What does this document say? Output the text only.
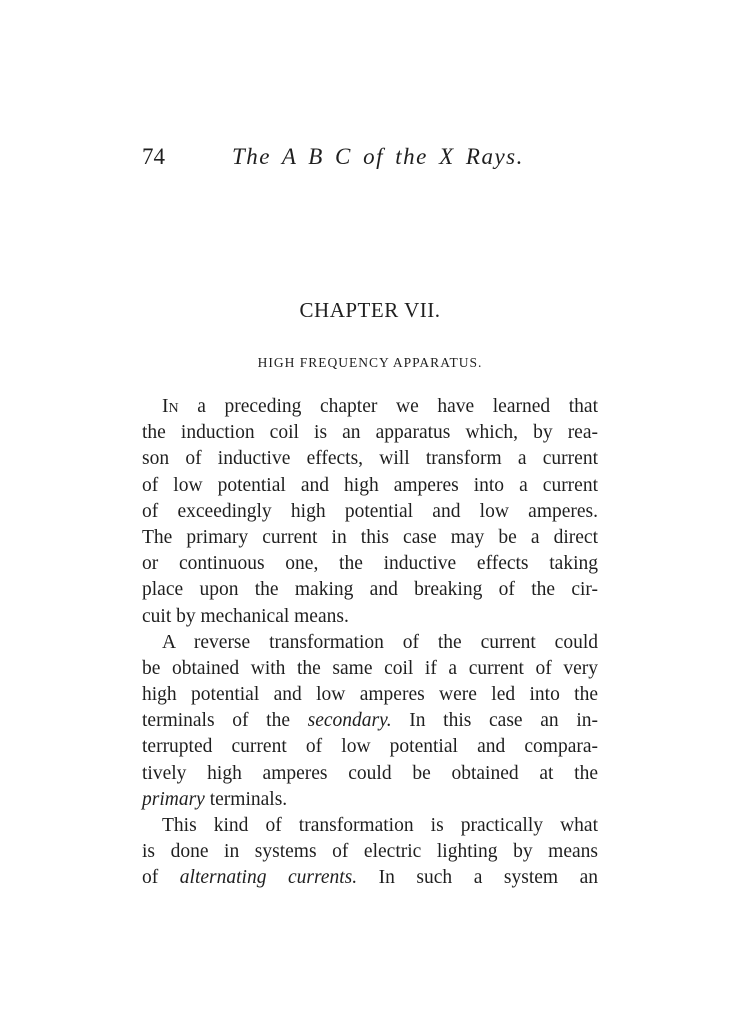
74	The A B C of the X Rays.
CHAPTER VII.
HIGH FREQUENCY APPARATUS.
In a preceding chapter we have learned that
the induction coil is an apparatus which, by rea-
son of inductive effects, will transform a current
of low potential and high amperes into a current
of exceedingly high potential and low amperes.
The primary current in this case may be a direct
or continuous one, the inductive effects taking
place upon the making and breaking of the cir-
cuit by mechanical means.
A reverse transformation of the current could
be obtained with the same coil if a current of very
high potential and low amperes were led into the
terminals of the secondary. In this case an in-
terrupted current of low potential and compara-
tively high amperes could be obtained at the
primary terminals.
This kind of transformation is practically what
is done in systems of electric lighting by means
of alternating currents. In such a system an
